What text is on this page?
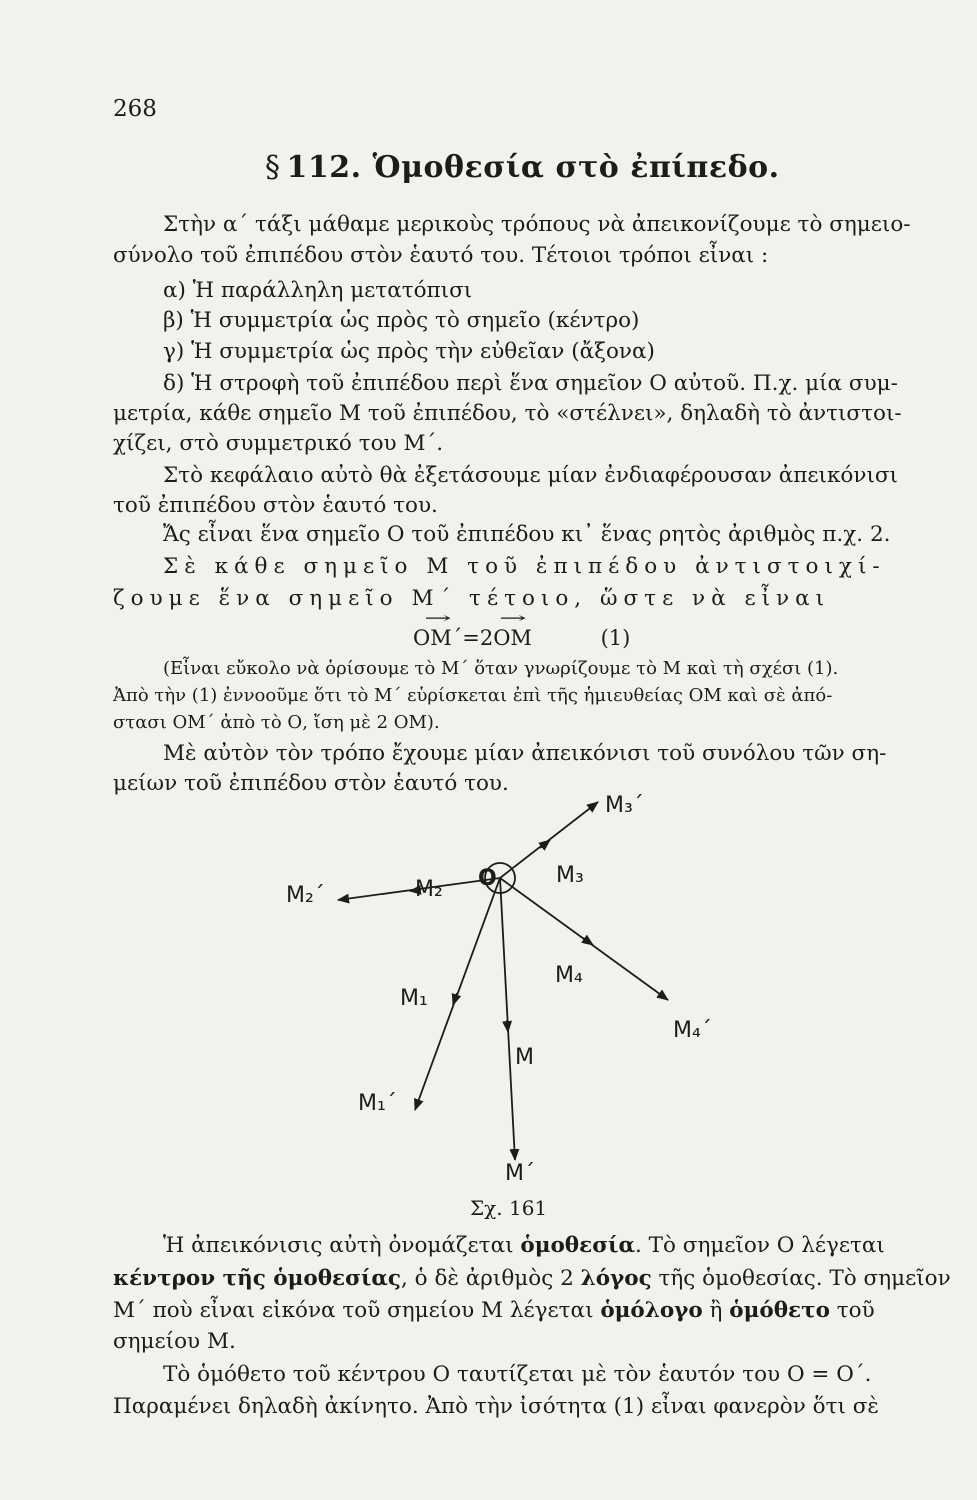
268
§ 112. Ὁμοθεσία στὸ ἐπίπεδο.
Στὴν α΄ τάξι μάθαμε μερικοὺς τρόπους νὰ ἀπεικονίζουμε τὸ σημειο-
σύνολο τοῦ ἐπιπέδου στὸν ἑαυτό του. Τέτοιοι τρόποι εἶναι :
α) Ἡ παράλληλη μετατόπισι
β) Ἡ συμμετρία ὡς πρὸς τὸ σημεῖο (κέντρο)
γ) Ἡ συμμετρία ὡς πρὸς τὴν εὐθεῖαν (ἄξονα)
δ) Ἡ στροφὴ τοῦ ἐπιπέδου περὶ ἕνα σημεῖον Ο αὐτοῦ. Π.χ. μία συμ-
μετρία, κάθε σημεῖο Μ τοῦ ἐπιπέδου, τὸ «στέλνει», δηλαδὴ τὸ ἀντιστοι-
χίζει, στὸ συμμετρικό του Μ΄.
Στὸ κεφάλαιο αὐτὸ θὰ ἐξετάσουμε μίαν ἐνδιαφέρουσαν ἀπεικόνισι
τοῦ ἐπιπέδου στὸν ἑαυτό του.
Ἄς εἶναι ἕνα σημεῖο Ο τοῦ ἐπιπέδου κι᾽ ἕνας ρητὸς ἀριθμὸς π.χ. 2.
Σὲ κάθε σημεῖο Μ τοῦ ἐπιπέδου ἀντιστοιχί-
ζουμε ἕνα σημεῖο Μ΄ τέτοιο, ὥστε νὰ εἶναι
→ ΟΜ΄=2→ ΟΜ	(1)
(Εἶναι εὔκολο νὰ ὁρίσουμε τὸ Μ΄ ὅταν γνωρίζουμε τὸ Μ καὶ τὴ σχέσι (1).
Ἀπὸ τὴν (1) ἐννοοῦμε ὅτι τὸ Μ΄ εὑρίσκεται ἐπὶ τῆς ἡμιευθείας ΟΜ καὶ σὲ ἀπό-
στασι ΟΜ΄ ἀπὸ τὸ Ο, ἴση μὲ 2 ΟΜ).
Μὲ αὐτὸν τὸν τρόπο ἔχουμε μίαν ἀπεικόνισι τοῦ συνόλου τῶν ση-
μείων τοῦ ἐπιπέδου στὸν ἑαυτό του.
O	M₃
M₃΄
M₂
M₂΄
M₄
M₄΄
M₁
M₁΄
M
M΄
Σχ. 161
Ἡ ἀπεικόνισις αὐτὴ ὀνομάζεται ὁμοθεσία. Τὸ σημεῖον Ο λέγεται
κέντρον τῆς ὁμοθεσίας, ὁ δὲ ἀριθμὸς 2 λόγος τῆς ὁμοθεσίας. Τὸ σημεῖον
Μ΄ ποὺ εἶναι εἰκόνα τοῦ σημείου Μ λέγεται ὁμόλογο ἢ ὁμόθετο τοῦ
σημείου Μ.
Τὸ ὁμόθετο τοῦ κέντρου Ο ταυτίζεται μὲ τὸν ἑαυτόν του Ο = Ο΄.
Παραμένει δηλαδὴ ἀκίνητο. Ἀπὸ τὴν ἰσότητα (1) εἶναι φανερὸν ὅτι σὲ
